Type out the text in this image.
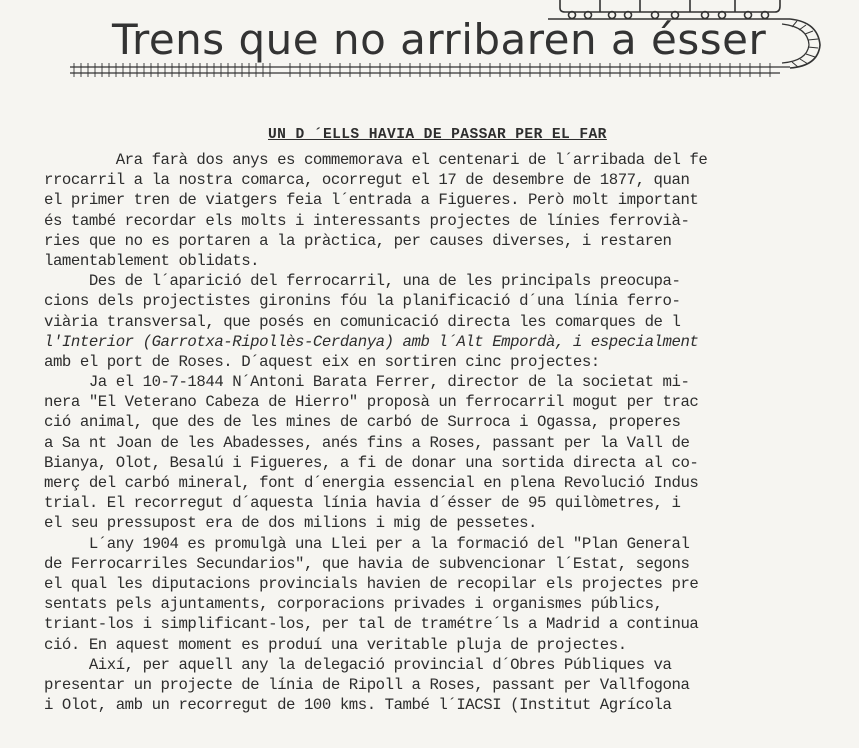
Trens que no arribaren a ésser
UN D ´ELLS HAVIA DE PASSAR PER EL FAR
Ara farà dos anys es commemorava el centenari de l´arribada del fe
rrocarril a la nostra comarca, ocorregut el 17 de desembre de 1877, quan
el primer tren de viatgers feia l´entrada a Figueres. Però molt important
és també recordar els molts i interessants projectes de línies ferrovià-
ries que no es portaren a la pràctica, per causes diverses, i restaren
lamentablement oblidats.
Des de l´aparició del ferrocarril, una de les principals preocupa-
cions dels projectistes gironins fóu la planificació d´una línia ferro-
viària transversal, que posés en comunicació directa les comarques de l
l'Interior (Garrotxa-Ripollès-Cerdanya) amb l´Alt Empordà, i especialment
amb el port de Roses. D´aquest eix en sortiren cinc projectes:
Ja el 10-7-1844 N´Antoni Barata Ferrer, director de la societat mi-
nera "El Veterano Cabeza de Hierro" proposà un ferrocarril mogut per trac
ció animal, que des de les mines de carbó de Surroca i Ogassa, properes
a Sa nt Joan de les Abadesses, anés fins a Roses, passant per la Vall de
Bianya, Olot, Besalú i Figueres, a fi de donar una sortida directa al co-
merç del carbó mineral, font d´energia essencial en plena Revolució Indus
trial. El recorregut d´aquesta línia havia d´ésser de 95 quilòmetres, i
el seu pressupost era de dos milions i mig de pessetes.
L´any 1904 es promulgà una Llei per a la formació del "Plan General
de Ferrocarriles Secundarios", que havia de subvencionar l´Estat, segons
el qual les diputacions provincials havien de recopilar els projectes pre
sentats pels ajuntaments, corporacions privades i organismes públics,
triant-los i simplificant-los, per tal de tramétre´ls a Madrid a continua
ció. En aquest moment es produí una veritable pluja de projectes.
Així, per aquell any la delegació provincial d´Obres Públiques va
presentar un projecte de línia de Ripoll a Roses, passant per Vallfogona
i Olot, amb un recorregut de 100 kms. També l´IACSI (Institut Agrícola
